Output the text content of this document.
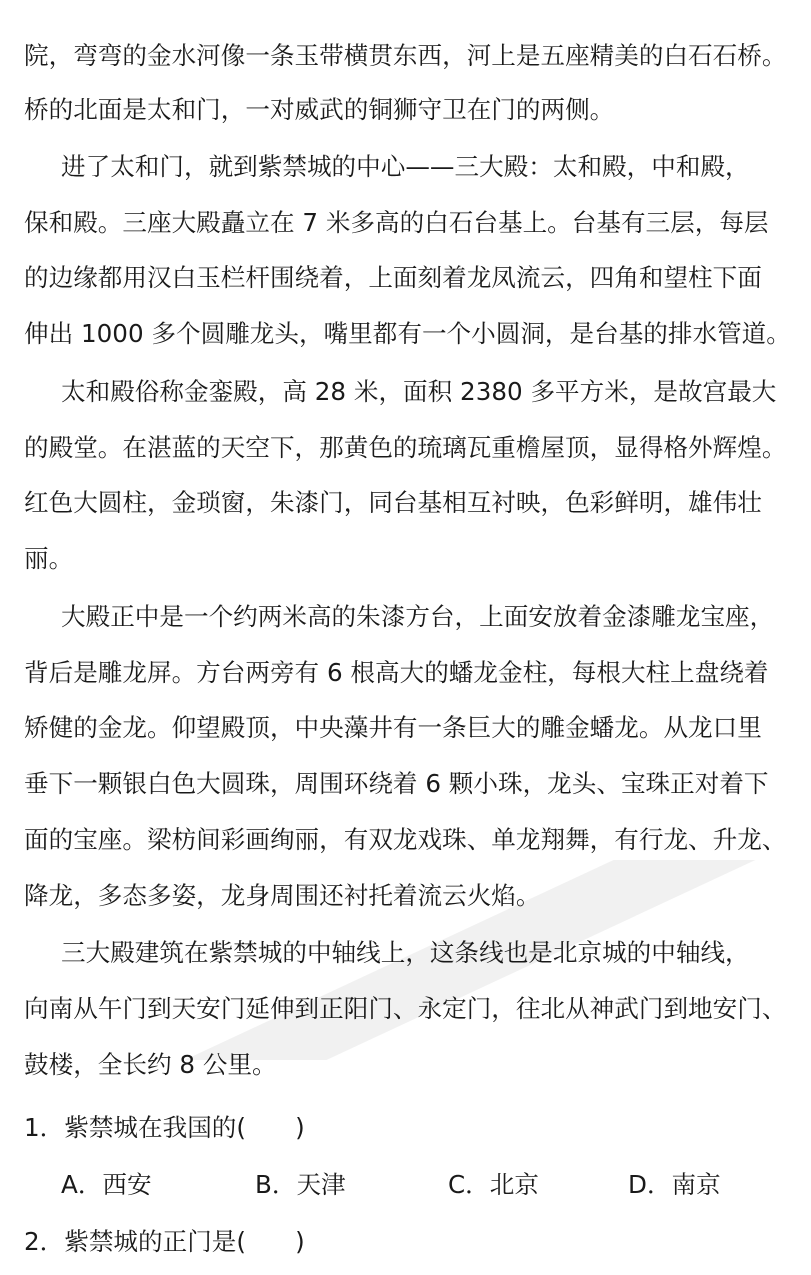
院，弯弯的金水河像一条玉带横贯东西，河上是五座精美的白石石桥。
桥的北面是太和门，一对威武的铜狮守卫在门的两侧。
进了太和门，就到紫禁城的中心——三大殿：太和殿，中和殿，
保和殿。三座大殿矗立在 7 米多高的白石台基上。台基有三层，每层
的边缘都用汉白玉栏杆围绕着，上面刻着龙凤流云，四角和望柱下面
伸出 1000 多个圆雕龙头，嘴里都有一个小圆洞，是台基的排水管道。
太和殿俗称金銮殿，高 28 米，面积 2380 多平方米，是故宫最大
的殿堂。在湛蓝的天空下，那黄色的琉璃瓦重檐屋顶，显得格外辉煌。
红色大圆柱，金琐窗，朱漆门，同台基相互衬映，色彩鲜明，雄伟壮
丽。
大殿正中是一个约两米高的朱漆方台，上面安放着金漆雕龙宝座，
背后是雕龙屏。方台两旁有 6 根高大的蟠龙金柱，每根大柱上盘绕着
矫健的金龙。仰望殿顶，中央藻井有一条巨大的雕金蟠龙。从龙口里
垂下一颗银白色大圆珠，周围环绕着 6 颗小珠，龙头、宝珠正对着下
面的宝座。梁枋间彩画绚丽，有双龙戏珠、单龙翔舞，有行龙、升龙、
降龙，多态多姿，龙身周围还衬托着流云火焰。
三大殿建筑在紫禁城的中轴线上，这条线也是北京城的中轴线，
向南从午门到天安门延伸到正阳门、永定门，往北从神武门到地安门、
鼓楼，全长约 8 公里。
1．紫禁城在我国的(　　)
A．西安	B．天津	C．北京	D．南京
2．紫禁城的正门是(　　)
